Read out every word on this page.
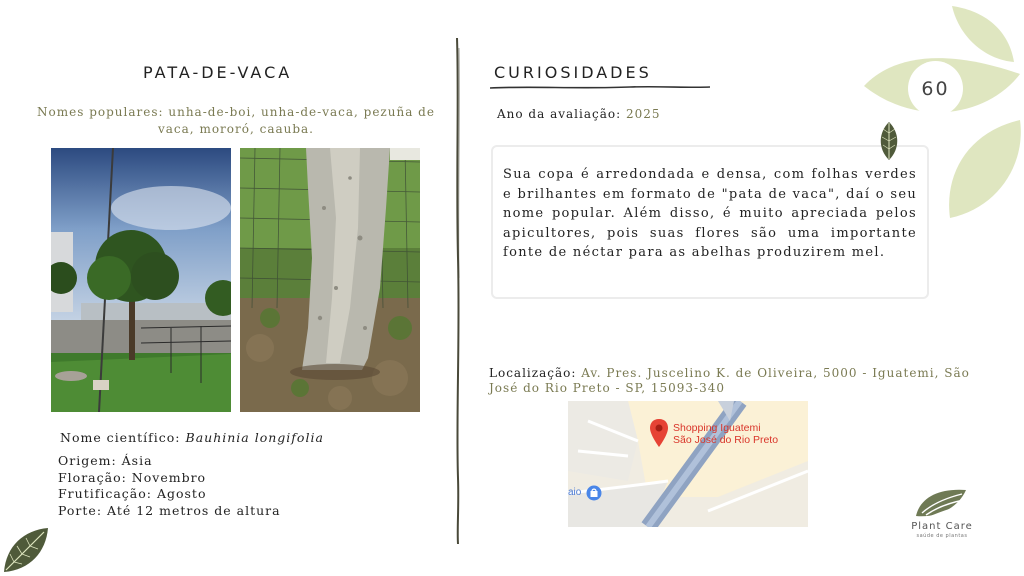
PATA-DE-VACA
Nomes populares: unha-de-boi, unha-de-vaca, pezuña de vaca, mororó, caauba.
Nome científico: Bauhinia longifolia
Origem: Ásia
Floração: Novembro
Frutificação: Agosto
Porte: Até 12 metros de altura
CURIOSIDADES
Ano da avaliação: 2025
Sua copa é arredondada e densa, com folhas verdes e brilhantes em formato de "pata de vaca", daí o seu nome popular. Além disso, é muito apreciada pelos apicultores, pois suas flores são uma importante fonte de néctar para as abelhas produzirem mel.
Localização: Av. Pres. Juscelino K. de Oliveira, 5000 - Iguatemi, São José do Rio Preto - SP, 15093-340
Shopping Iguatemi
São José do Rio Preto
aio
60
Plant Care
saúde de plantas
